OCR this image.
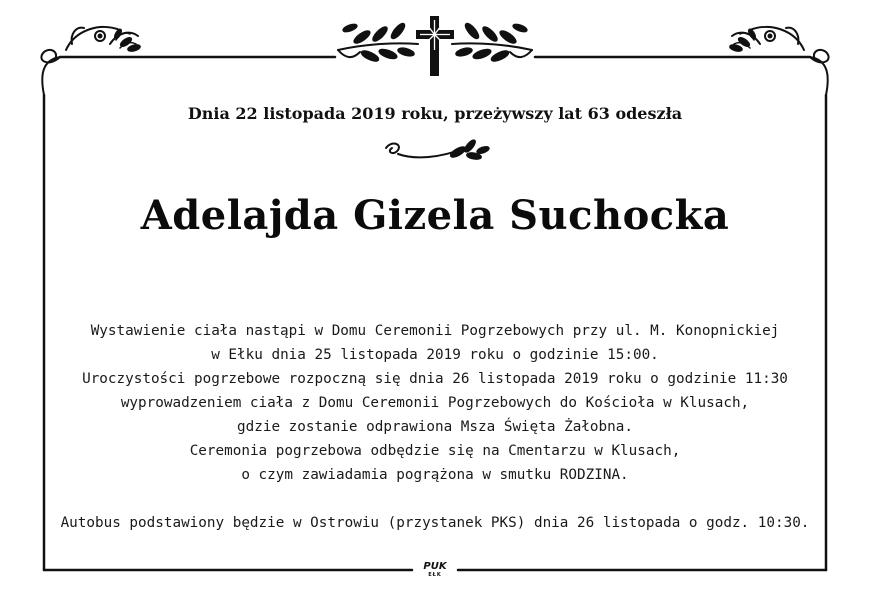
Dnia 22 listopada 2019 roku, przeżywszy lat 63 odeszła
Adelajda Gizela Suchocka
Wystawienie ciała nastąpi w Domu Ceremonii Pogrzebowych przy ul. M. Konopnickiej
w Ełku dnia 25 listopada 2019 roku o godzinie 15:00.
Uroczystości pogrzebowe rozpoczną się dnia 26 listopada 2019 roku o godzinie 11:30
wyprowadzeniem ciała z Domu Ceremonii Pogrzebowych do Kościoła w Klusach,
gdzie zostanie odprawiona Msza Święta Żałobna.
Ceremonia pogrzebowa odbędzie się na Cmentarzu w Klusach,
o czym zawiadamia pogrążona w smutku RODZINA.
Autobus podstawiony będzie w Ostrowiu (przystanek PKS) dnia 26 listopada o godz. 10:30.
PUK
EŁK
